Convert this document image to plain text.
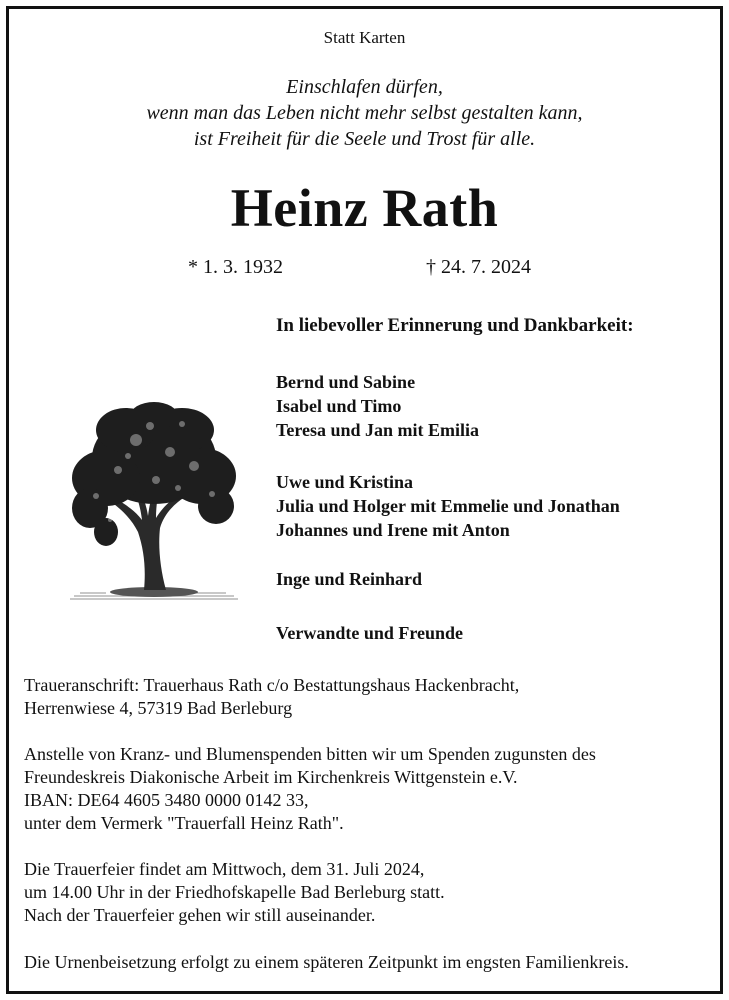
Statt Karten
Einschlafen dürfen,
wenn man das Leben nicht mehr selbst gestalten kann,
ist Freiheit für die Seele und Trost für alle.
Heinz Rath
* 1. 3. 1932	† 24. 7. 2024
In liebevoller Erinnerung und Dankbarkeit:
Bernd und Sabine
Isabel und Timo
Teresa und Jan mit Emilia
Uwe und Kristina
Julia und Holger mit Emmelie und Jonathan
Johannes und Irene mit Anton
Inge und Reinhard
Verwandte und Freunde
Traueranschrift: Trauerhaus Rath c/o Bestattungshaus Hackenbracht,
Herrenwiese 4, 57319 Bad Berleburg
Anstelle von Kranz- und Blumenspenden bitten wir um Spenden zugunsten des
Freundeskreis Diakonische Arbeit im Kirchenkreis Wittgenstein e.V.
IBAN: DE64 4605 3480 0000 0142 33,
unter dem Vermerk "Trauerfall Heinz Rath".
Die Trauerfeier findet am Mittwoch, dem 31. Juli 2024,
um 14.00 Uhr in der Friedhofskapelle Bad Berleburg statt.
Nach der Trauerfeier gehen wir still auseinander.
Die Urnenbeisetzung erfolgt zu einem späteren Zeitpunkt im engsten Familienkreis.
